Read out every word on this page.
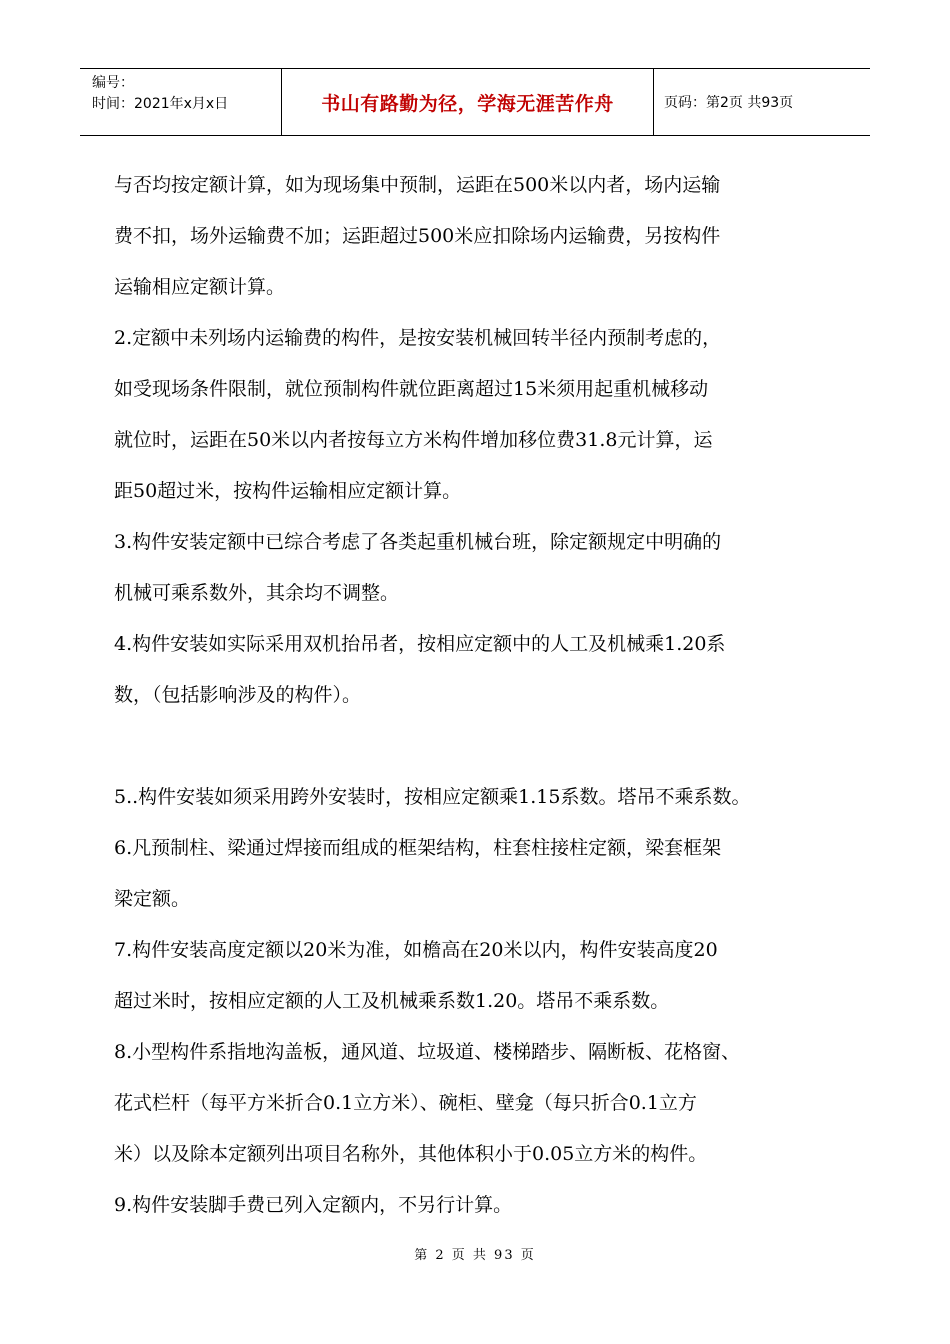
编号：
时间：2021年x月x日	书山有路勤为径，学海无涯苦作舟	页码：第2页 共93页
与否均按定额计算，如为现场集中预制，运距在500米以内者，场内运输
费不扣，场外运输费不加；运距超过500米应扣除场内运输费，另按构件
运输相应定额计算。
2.定额中未列场内运输费的构件，是按安装机械回转半径内预制考虑的，
如受现场条件限制，就位预制构件就位距离超过15米须用起重机械移动
就位时，运距在50米以内者按每立方米构件增加移位费31.8元计算，运
距50超过米，按构件运输相应定额计算。
3.构件安装定额中已综合考虑了各类起重机械台班，除定额规定中明确的
机械可乘系数外，其余均不调整。
4.构件安装如实际采用双机抬吊者，按相应定额中的人工及机械乘1.20系
数，（包括影响涉及的构件）。
5..构件安装如须采用跨外安装时，按相应定额乘1.15系数。塔吊不乘系数。
6.凡预制柱、梁通过焊接而组成的框架结构，柱套柱接柱定额，梁套框架
梁定额。
7.构件安装高度定额以20米为准，如檐高在20米以内，构件安装高度20
超过米时，按相应定额的人工及机械乘系数1.20。塔吊不乘系数。
8.小型构件系指地沟盖板，通风道、垃圾道、楼梯踏步、隔断板、花格窗、
花式栏杆（每平方米折合0.1立方米）、碗柜、壁龛（每只折合0.1立方
米）以及除本定额列出项目名称外，其他体积小于0.05立方米的构件。
9.构件安装脚手费已列入定额内，不另行计算。
第 2 页 共 93 页
